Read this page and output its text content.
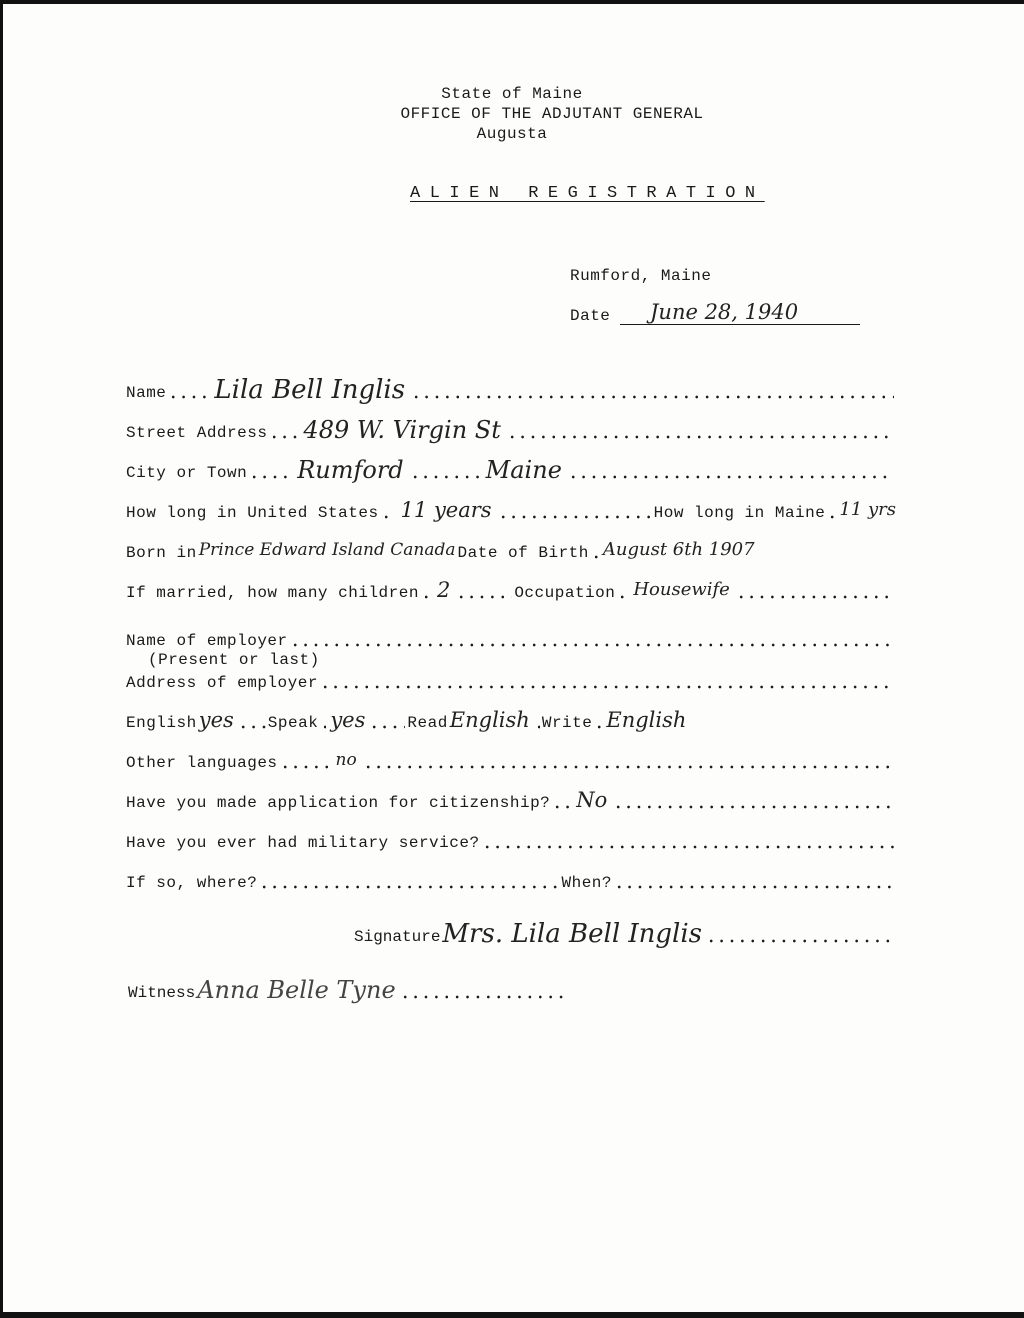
State of Maine
OFFICE OF THE ADJUTANT GENERAL
Augusta
ALIEN REGISTRATION
Rumford, Maine
Date	June 28, 1940
Name Lila Bell Inglis
Street Address 489 W. Virgin St
City or Town Rumford	Maine
How long in United States 11 years	How long in Maine 11 yrs
Born in Prince Edward Island Canada Date of Birth August 6th 1907
If married, how many children 2	Occupation Housewife
Name of employer
(Present or last)
Address of employer
English yes Speak yes	Read English Write English
Other languages	no
Have you made application for citizenship? No
Have you ever had military service?
If so, where?	When?
Signature Mrs. Lila Bell Inglis
Witness Anna Belle Tyne
